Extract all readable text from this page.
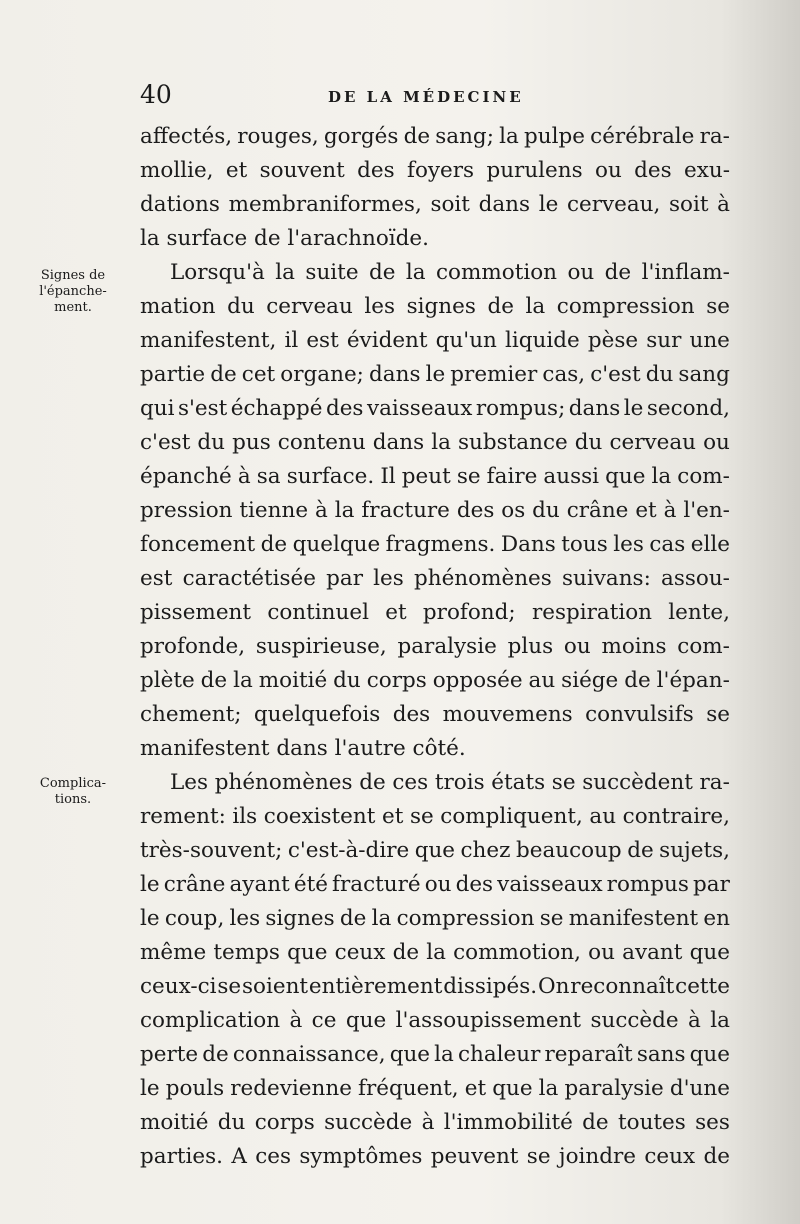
40	DE LA MÉDECINE
Signes de
l'épanche-
ment.
Complica-
tions.
affectés, rouges, gorgés de sang; la pulpe cérébrale ra-
mollie, et souvent des foyers purulens ou des exu-
dations membraniformes, soit dans le cerveau, soit à
la surface de l'arachnoïde.
Lorsqu'à la suite de la commotion ou de l'inflam-
mation du cerveau les signes de la compression se
manifestent, il est évident qu'un liquide pèse sur une
partie de cet organe; dans le premier cas, c'est du sang
qui s'est échappé des vaisseaux rompus; dans le second,
c'est du pus contenu dans la substance du cerveau ou
épanché à sa surface. Il peut se faire aussi que la com-
pression tienne à la fracture des os du crâne et à l'en-
foncement de quelque fragmens. Dans tous les cas elle
est caractétisée par les phénomènes suivans: assou-
pissement continuel et profond; respiration lente,
profonde, suspirieuse, paralysie plus ou moins com-
plète de la moitié du corps opposée au siége de l'épan-
chement; quelquefois des mouvemens convulsifs se
manifestent dans l'autre côté.
Les phénomènes de ces trois états se succèdent ra-
rement: ils coexistent et se compliquent, au contraire,
très-souvent; c'est-à-dire que chez beaucoup de sujets,
le crâne ayant été fracturé ou des vaisseaux rompus par
le coup, les signes de la compression se manifestent en
même temps que ceux de la commotion, ou avant que
ceux-ci se soient entièrement dissipés. On reconnaît cette
complication à ce que l'assoupissement succède à la
perte de connaissance, que la chaleur reparaît sans que
le pouls redevienne fréquent, et que la paralysie d'une
moitié du corps succède à l'immobilité de toutes ses
parties. A ces symptômes peuvent se joindre ceux de
